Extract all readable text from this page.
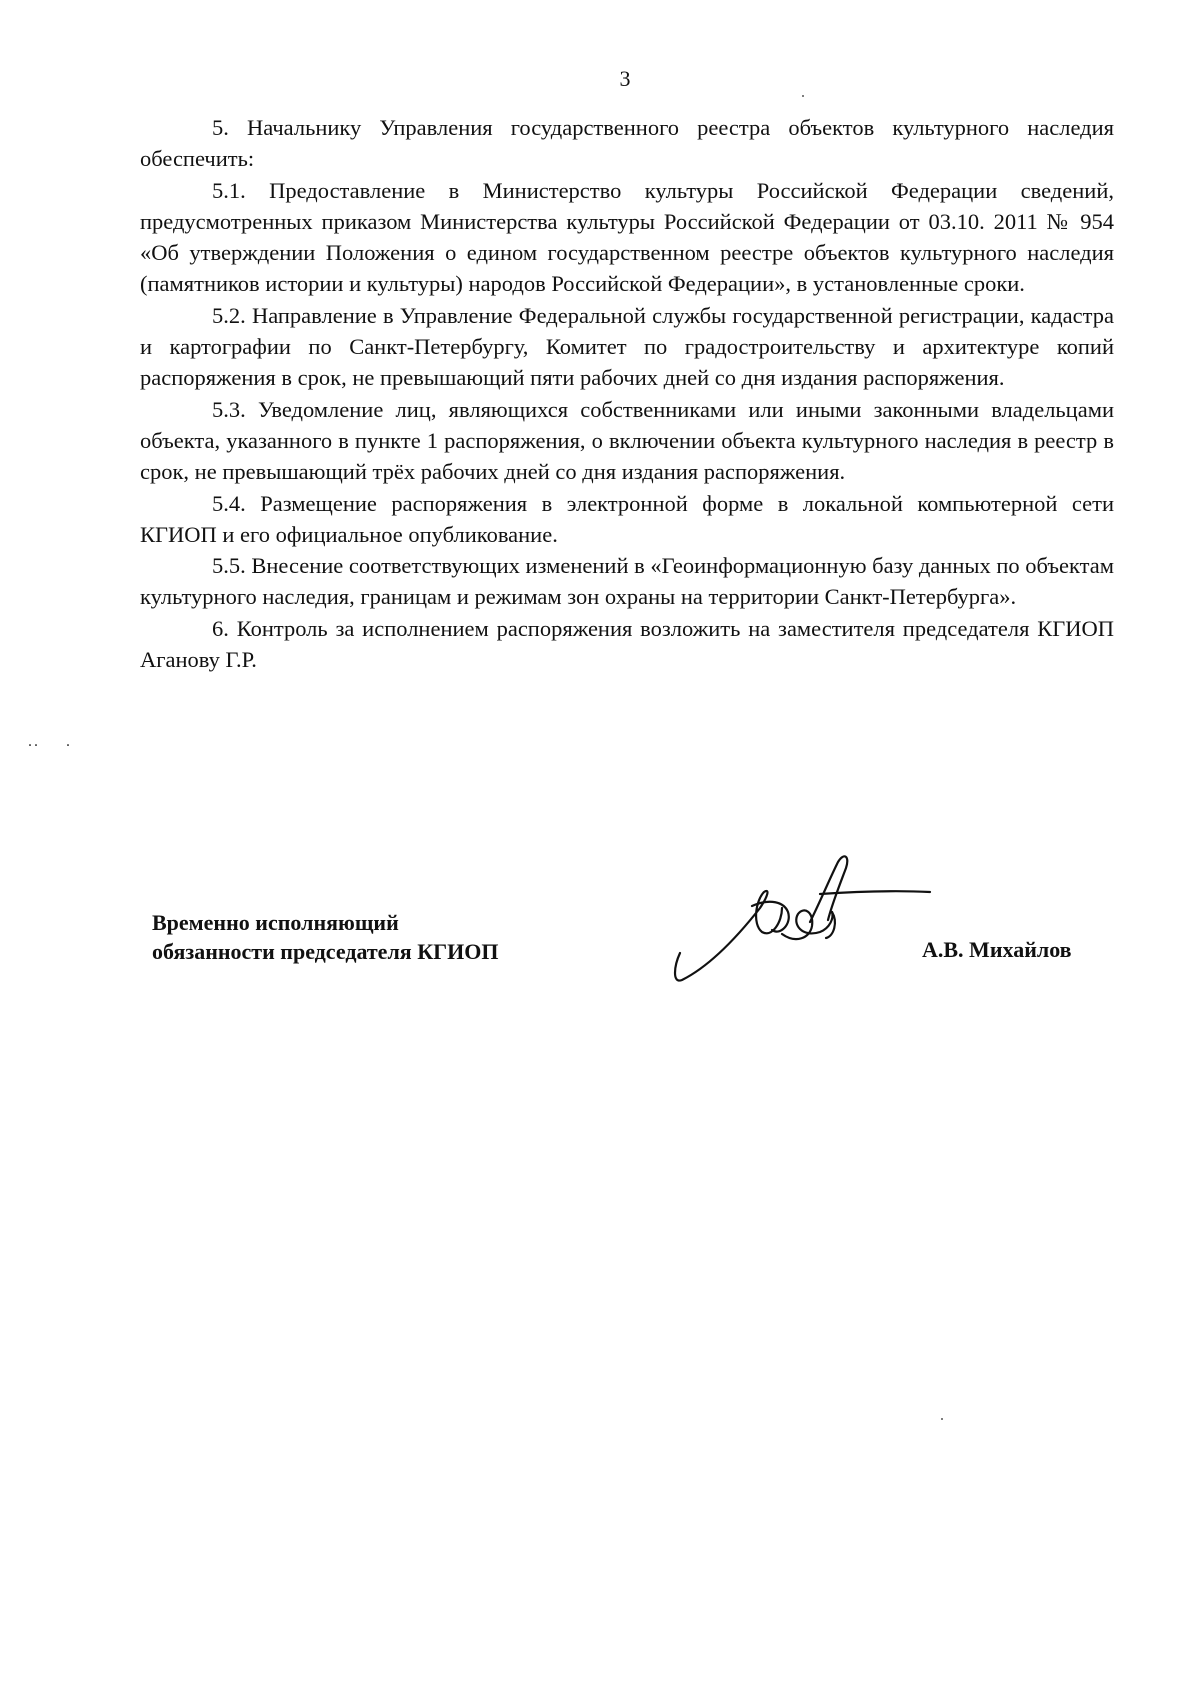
3

5. Начальнику Управления государственного реестра объектов культурного наследия обеспечить:

5.1. Предоставление в Министерство культуры Российской Федерации сведений, предусмотренных приказом Министерства культуры Российской Федерации от 03.10. 2011 № 954 «Об утверждении Положения о едином государственном реестре объектов культурного наследия (памятников истории и культуры) народов Российской Федерации», в установленные сроки.

5.2. Направление в Управление Федеральной службы государственной регистрации, кадастра и картографии по Санкт-Петербургу, Комитет по градостроительству и архитектуре копий распоряжения в срок, не превышающий пяти рабочих дней со дня издания распоряжения.

5.3. Уведомление лиц, являющихся собственниками или иными законными владельцами объекта, указанного в пункте 1 распоряжения, о включении объекта культурного наследия в реестр в срок, не превышающий трёх рабочих дней со дня издания распоряжения.

5.4. Размещение распоряжения в электронной форме в локальной компьютерной сети КГИОП и его официальное опубликование.

5.5. Внесение соответствующих изменений в «Геоинформационную базу данных по объектам культурного наследия, границам и режимам зон охраны на территории Санкт-Петербурга».

6. Контроль за исполнением распоряжения возложить на заместителя председателя КГИОП Аганову Г.Р.

.. .
Временно исполняющий
обязанности председателя КГИОП	А.В. Михайлов
